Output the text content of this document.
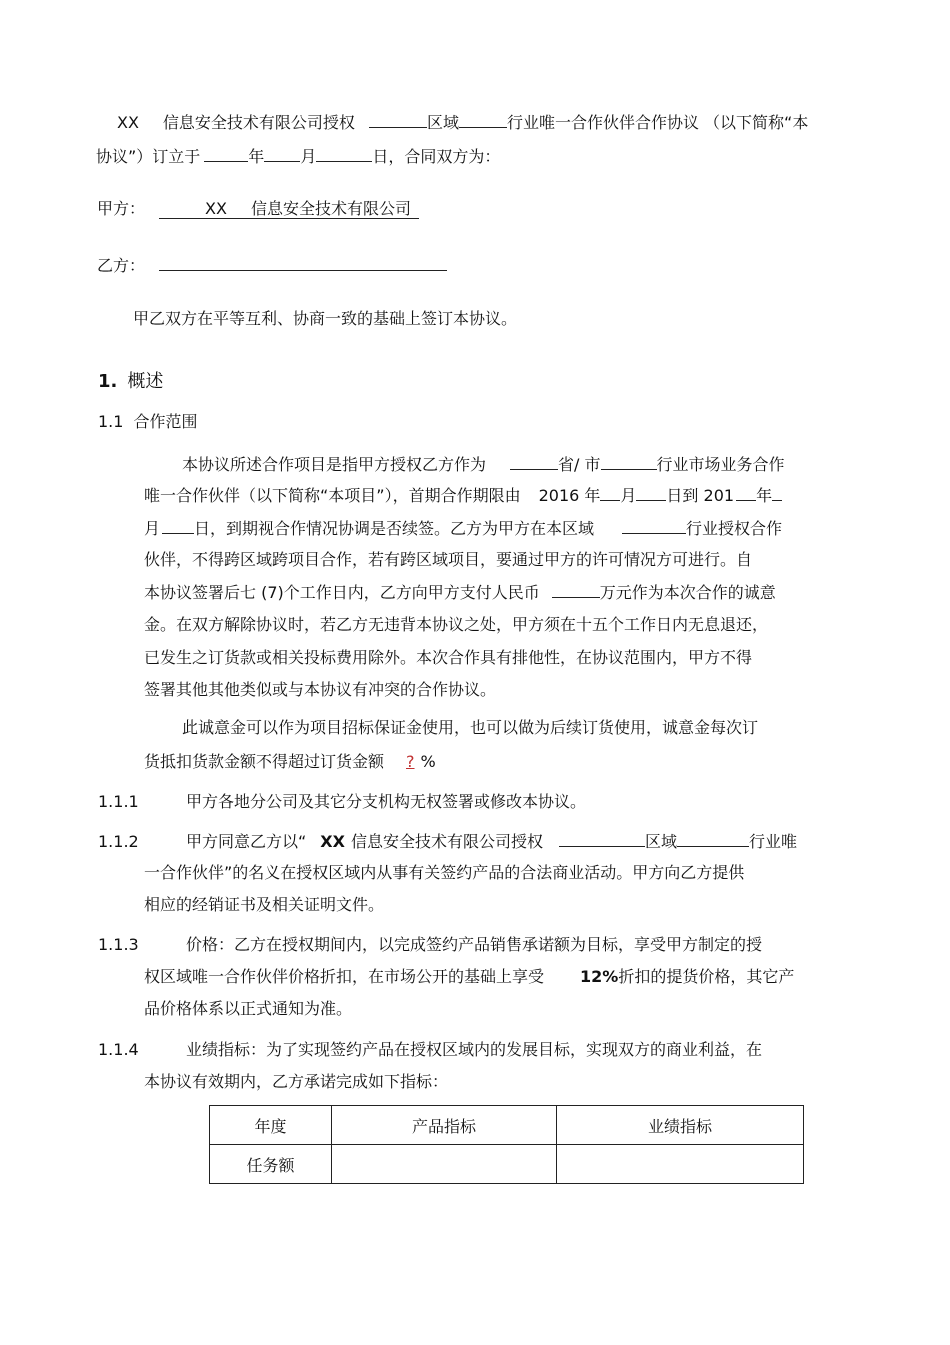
XX 信息安全技术有限公司授权	区域	行业唯一合作伙伴合作协议 （以下简称“本
协议”）订立于	年 月	日，合同双方为：
甲方：	XX 信息安全技术有限公司
乙方：
甲乙双方在平等互利、协商一致的基础上签订本协议。
1. 概述
1.1 合作范围
本协议所述合作项目是指甲方授权乙方作为	省/ 市	行业市场业务合作
唯一合作伙伴（以下简称“本项目”），首期合作期限由 2016 年 月 日到 201 年
月 日，到期视合作情况协调是否续签。乙方为甲方在本区域	行业授权合作
伙伴，不得跨区域跨项目合作，若有跨区域项目，要通过甲方的许可情况方可进行。自
本协议签署后七 (7)个工作日内，乙方向甲方支付人民币	万元作为本次合作的诚意
金。在双方解除协议时，若乙方无违背本协议之处，甲方须在十五个工作日内无息退还，
已发生之订货款或相关投标费用除外。本次合作具有排他性，在协议范围内，甲方不得
签署其他其他类似或与本协议有冲突的合作协议。
此诚意金可以作为项目招标保证金使用，也可以做为后续订货使用，诚意金每次订
货抵扣货款金额不得超过订货金额 ? %
1.1.1	甲方各地分公司及其它分支机构无权签署或修改本协议。
1.1.2	甲方同意乙方以“ XX 信息安全技术有限公司授权	区域	行业唯
一合作伙伴”的名义在授权区域内从事有关签约产品的合法商业活动。甲方向乙方提供
相应的经销证书及相关证明文件。
1.1.3	价格：乙方在授权期间内，以完成签约产品销售承诺额为目标，享受甲方制定的授
权区域唯一合作伙伴价格折扣，在市场公开的基础上享受 12%折扣的提货价格，其它产
品价格体系以正式通知为准。
1.1.4	业绩指标：为了实现签约产品在授权区域内的发展目标，实现双方的商业利益，在
本协议有效期内，乙方承诺完成如下指标：
年度	产品指标	业绩指标
任务额		
